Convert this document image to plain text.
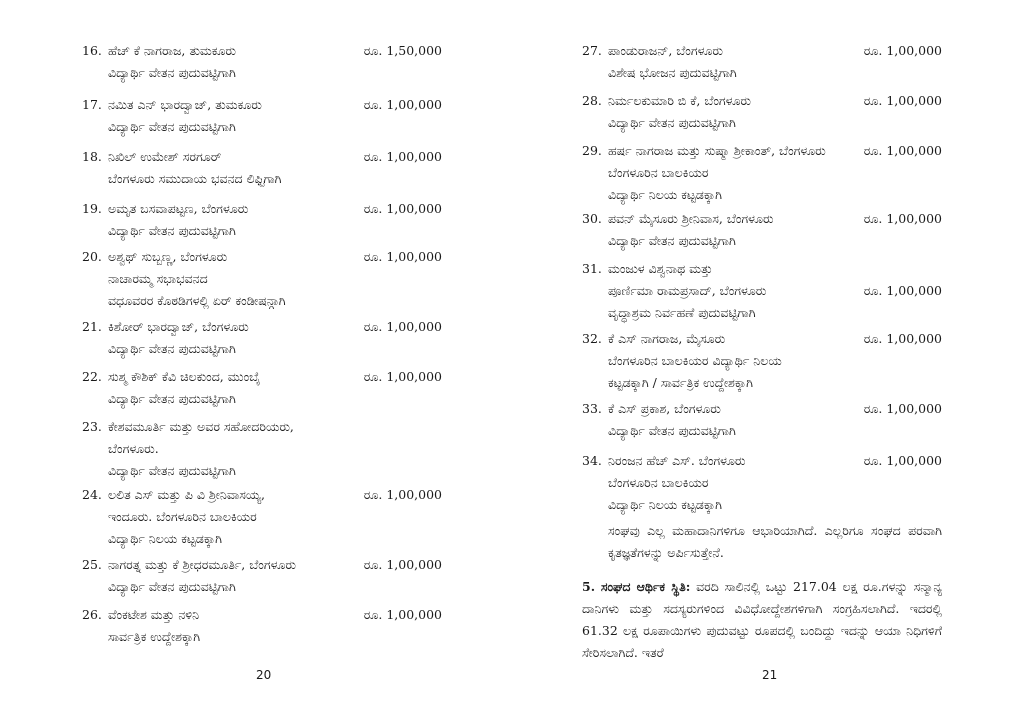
16. ಹೆಚ್ ಕೆ ನಾಗರಾಜ, ತುಮಕೂರು	ರೂ. 1,50,000
ವಿದ್ಯಾರ್ಥಿ ವೇತನ ಪುದುವಟ್ಟಿಗಾಗಿ
17. ನಮಿತ ಎನ್ ಭಾರದ್ವಾಜ್, ತುಮಕೂರು	ರೂ. 1,00,000
ವಿದ್ಯಾರ್ಥಿ ವೇತನ ಪುದುವಟ್ಟಿಗಾಗಿ
18. ನಿಖಿಲ್ ಉಮೇಶ್ ಸರಗೂರ್	ರೂ. 1,00,000
ಬೆಂಗಳೂರು ಸಮುದಾಯ ಭವನದ ಲಿಫ್ಟಿಗಾಗಿ
19. ಅಮೃತ ಬಸವಾಪಟ್ಟಣ, ಬೆಂಗಳೂರು	ರೂ. 1,00,000
ವಿದ್ಯಾರ್ಥಿ ವೇತನ ಪುದುವಟ್ಟಿಗಾಗಿ
20. ಅಶ್ವಥ್ ಸುಬ್ಬಣ್ಣ, ಬೆಂಗಳೂರು	ರೂ. 1,00,000
ನಾಚಾರಮ್ಮ ಸಭಾಭವನದ
ವಧೂವರರ ಕೊಠಡಿಗಳಲ್ಲಿ ಏರ್ ಕಂಡೀಷನ್ಗಾಗಿ
21. ಕಿಶೋರ್ ಭಾರದ್ವಾಜ್, ಬೆಂಗಳೂರು	ರೂ. 1,00,000
ವಿದ್ಯಾರ್ಥಿ ವೇತನ ಪುದುವಟ್ಟಿಗಾಗಿ
22. ಸುಶ್ಮ ಕೌಶಿಕ್ ಕೆವಿ ಚಿಲಕುಂದ, ಮುಂಬೈ	ರೂ. 1,00,000
ವಿದ್ಯಾರ್ಥಿ ವೇತನ ಪುದುವಟ್ಟಿಗಾಗಿ
23. ಕೇಶವಮೂರ್ತಿ ಮತ್ತು ಅವರ ಸಹೋದರಿಯರು,
ಬೆಂಗಳೂರು.
ವಿದ್ಯಾರ್ಥಿ ವೇತನ ಪುದುವಟ್ಟಿಗಾಗಿ
24. ಲಲಿತ ಎಸ್ ಮತ್ತು ಪಿ ವಿ ಶ್ರೀನಿವಾಸಯ್ಯ,	ರೂ. 1,00,000
ಇಂದೂರು. ಬೆಂಗಳೂರಿನ ಬಾಲಕಿಯರ
ವಿದ್ಯಾರ್ಥಿ ನಿಲಯ ಕಟ್ಟಡಕ್ಕಾಗಿ
25. ನಾಗರತ್ನ ಮತ್ತು ಕೆ ಶ್ರೀಧರಮೂರ್ತಿ, ಬೆಂಗಳೂರು	ರೂ. 1,00,000
ವಿದ್ಯಾರ್ಥಿ ವೇತನ ಪುದುವಟ್ಟಿಗಾಗಿ
26. ವೆಂಕಟೇಶ ಮತ್ತು ನಳಿನಿ	ರೂ. 1,00,000
ಸಾರ್ವತ್ರಿಕ ಉದ್ದೇಶಕ್ಕಾಗಿ
20
27. ಪಾಂಡುರಾಜನ್, ಬೆಂಗಳೂರು	ರೂ. 1,00,000
ವಿಶೇಷ ಭೋಜನ ಪುದುವಟ್ಟಿಗಾಗಿ
28. ನಿರ್ಮಲಕುಮಾರಿ ಬಿ ಕೆ, ಬೆಂಗಳೂರು	ರೂ. 1,00,000
ವಿದ್ಯಾರ್ಥಿ ವೇತನ ಪುದುವಟ್ಟಿಗಾಗಿ
29. ಹರ್ಷ ನಾಗರಾಜ ಮತ್ತು ಸುಷ್ಮಾ ಶ್ರೀಕಾಂತ್, ಬೆಂಗಳೂರು	ರೂ. 1,00,000
ಬೆಂಗಳೂರಿನ ಬಾಲಕಿಯರ
ವಿದ್ಯಾರ್ಥಿ ನಿಲಯ ಕಟ್ಟಡಕ್ಕಾಗಿ
30. ಪವನ್ ಮೈಸೂರು ಶ್ರೀನಿವಾಸ, ಬೆಂಗಳೂರು	ರೂ. 1,00,000
ವಿದ್ಯಾರ್ಥಿ ವೇತನ ಪುದುವಟ್ಟಿಗಾಗಿ
31. ಮಂಜುಳ ವಿಶ್ವನಾಥ ಮತ್ತು
ಪೂರ್ಣಿಮಾ ರಾಮಪ್ರಸಾದ್, ಬೆಂಗಳೂರು	ರೂ. 1,00,000
ವೃದ್ಧಾಶ್ರಮ ನಿರ್ವಹಣೆ ಪುದುವಟ್ಟಿಗಾಗಿ
32. ಕೆ ಎಸ್ ನಾಗರಾಜ, ಮೈಸೂರು	ರೂ. 1,00,000
ಬೆಂಗಳೂರಿನ ಬಾಲಕಿಯರ ವಿದ್ಯಾರ್ಥಿ ನಿಲಯ
ಕಟ್ಟಡಕ್ಕಾಗಿ / ಸಾರ್ವತ್ರಿಕ ಉದ್ದೇಶಕ್ಕಾಗಿ
33. ಕೆ ಎಸ್ ಪ್ರಕಾಶ, ಬೆಂಗಳೂರು	ರೂ. 1,00,000
ವಿದ್ಯಾರ್ಥಿ ವೇತನ ಪುದುವಟ್ಟಿಗಾಗಿ
34. ನಿರಂಜನ ಹೆಚ್ ಎಸ್. ಬೆಂಗಳೂರು	ರೂ. 1,00,000
ಬೆಂಗಳೂರಿನ ಬಾಲಕಿಯರ
ವಿದ್ಯಾರ್ಥಿ ನಿಲಯ ಕಟ್ಟಡಕ್ಕಾಗಿ
ಸಂಘವು ಎಲ್ಲ ಮಹಾದಾನಿಗಳಿಗೂ ಆಭಾರಿಯಾಗಿದೆ. ಎಲ್ಲರಿಗೂ ಸಂಘದ ಪರವಾಗಿ ಕೃತಜ್ಞತೆಗಳನ್ನು ಅರ್ಪಿಸುತ್ತೇನೆ.
5. ಸಂಘದ ಆರ್ಥಿಕ ಸ್ಥಿತಿ: ವರದಿ ಸಾಲಿನಲ್ಲಿ ಒಟ್ಟು 217.04 ಲಕ್ಷ ರೂ.ಗಳನ್ನು ಸನ್ಮಾನ್ಯ ದಾನಿಗಳು ಮತ್ತು ಸದಸ್ಯರುಗಳಿಂದ ವಿವಿಧೋದ್ದೇಶಗಳಿಗಾಗಿ ಸಂಗ್ರಹಿಸಲಾಗಿದೆ. ಇದರಲ್ಲಿ 61.32 ಲಕ್ಷ ರೂಪಾಯಿಗಳು ಪುದುವಟ್ಟು ರೂಪದಲ್ಲಿ ಬಂದಿದ್ದು ಇದನ್ನು ಆಯಾ ನಿಧಿಗಳಿಗೆ ಸೇರಿಸಲಾಗಿದೆ. ಇತರೆ
21
